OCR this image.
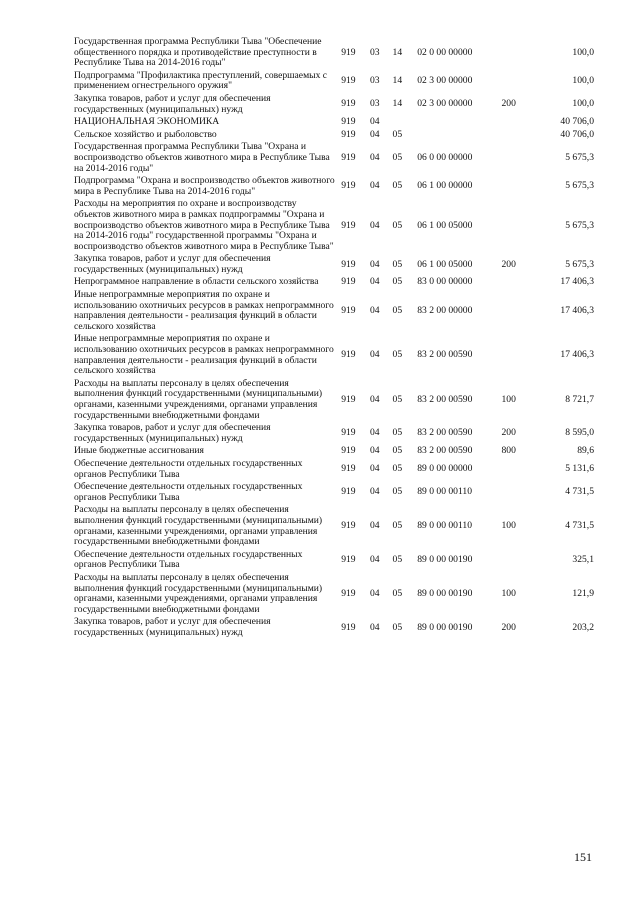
Государственная программа Республики Тыва "Обеспечение общественного порядка и противодействие преступности в Республике Тыва на 2014-2016 годы"	919	03	14	02 0 00 00000		100,0
Подпрограмма "Профилактика преступлений, совершаемых с применением огнестрельного оружия"	919	03	14	02 3 00 00000		100,0
Закупка товаров, работ и услуг для обеспечения государственных (муниципальных) нужд	919	03	14	02 3 00 00000	200	100,0
НАЦИОНАЛЬНАЯ ЭКОНОМИКА	919	04				40 706,0
Сельское хозяйство и рыболовство	919	04	05			40 706,0
Государственная программа Республики Тыва "Охрана и воспроизводство объектов животного мира в Республике Тыва на 2014-2016 годы"	919	04	05	06 0 00 00000		5 675,3
Подпрограмма "Охрана и воспроизводство объектов животного мира в Республике Тыва на 2014-2016 годы"	919	04	05	06 1 00 00000		5 675,3
Расходы на мероприятия по охране и воспроизводству объектов животного мира в рамках подпрограммы "Охрана и воспроизводство объектов животного мира в Республике Тыва на 2014-2016 годы" государственной программы "Охрана и воспроизводство объектов животного мира в Республике Тыва"	919	04	05	06 1 00 05000		5 675,3
Закупка товаров, работ и услуг для обеспечения государственных (муниципальных) нужд	919	04	05	06 1 00 05000	200	5 675,3
Непрограммное направление в области сельского хозяйства	919	04	05	83 0 00 00000		17 406,3
Иные непрограммные мероприятия по охране и использованию охотничьих ресурсов в рамках непрограммного направления деятельности - реализация функций в области сельского хозяйства	919	04	05	83 2 00 00000		17 406,3
Иные непрограммные мероприятия по охране и использованию охотничьих ресурсов в рамках непрограммного направления деятельности - реализация функций в области сельского хозяйства	919	04	05	83 2 00 00590		17 406,3
Расходы на выплаты персоналу в целях обеспечения выполнения функций государственными (муниципальными) органами, казенными учреждениями, органами управления государственными внебюджетными фондами	919	04	05	83 2 00 00590	100	8 721,7
Закупка товаров, работ и услуг для обеспечения государственных (муниципальных) нужд	919	04	05	83 2 00 00590	200	8 595,0
Иные бюджетные ассигнования	919	04	05	83 2 00 00590	800	89,6
Обеспечение деятельности отдельных государственных органов Республики Тыва	919	04	05	89 0 00 00000		5 131,6
Обеспечение деятельности отдельных государственных органов Республики Тыва	919	04	05	89 0 00 00110		4 731,5
Расходы на выплаты персоналу в целях обеспечения выполнения функций государственными (муниципальными) органами, казенными учреждениями, органами управления государственными внебюджетными фондами	919	04	05	89 0 00 00110	100	4 731,5
Обеспечение деятельности отдельных государственных органов Республики Тыва	919	04	05	89 0 00 00190		325,1
Расходы на выплаты персоналу в целях обеспечения выполнения функций государственными (муниципальными) органами, казенными учреждениями, органами управления государственными внебюджетными фондами	919	04	05	89 0 00 00190	100	121,9
Закупка товаров, работ и услуг для обеспечения государственных (муниципальных) нужд	919	04	05	89 0 00 00190	200	203,2
151
